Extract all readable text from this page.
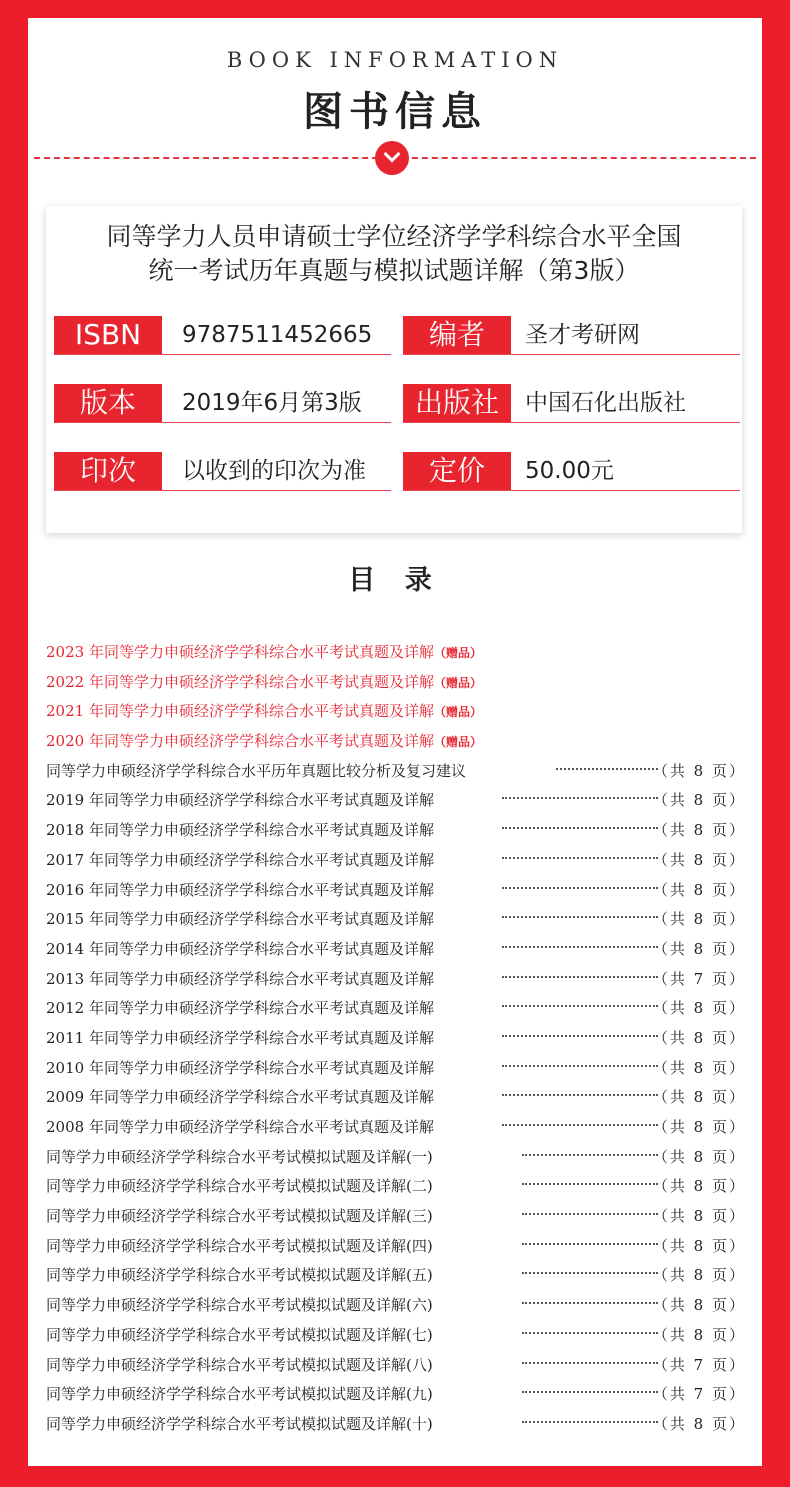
BOOK INFORMATION
图书信息
同等学力人员申请硕士学位经济学学科综合水平全国
统一考试历年真题与模拟试题详解（第3版）
ISBN	9787511452665	编者	圣才考研网
版本	2019年6月第3版	出版社	中国石化出版社
印次	以收到的印次为准	定价	50.00元
目 录
2023 年同等学力申硕经济学学科综合水平考试真题及详解（赠品）
2022 年同等学力申硕经济学学科综合水平考试真题及详解（赠品）
2021 年同等学力申硕经济学学科综合水平考试真题及详解（赠品）
2020 年同等学力申硕经济学学科综合水平考试真题及详解（赠品）
同等学力申硕经济学学科综合水平历年真题比较分析及复习建议	（共 8 页）
2019 年同等学力申硕经济学学科综合水平考试真题及详解	（共 8 页）
2018 年同等学力申硕经济学学科综合水平考试真题及详解	（共 8 页）
2017 年同等学力申硕经济学学科综合水平考试真题及详解	（共 8 页）
2016 年同等学力申硕经济学学科综合水平考试真题及详解	（共 8 页）
2015 年同等学力申硕经济学学科综合水平考试真题及详解	（共 8 页）
2014 年同等学力申硕经济学学科综合水平考试真题及详解	（共 8 页）
2013 年同等学力申硕经济学学科综合水平考试真题及详解	（共 7 页）
2012 年同等学力申硕经济学学科综合水平考试真题及详解	（共 8 页）
2011 年同等学力申硕经济学学科综合水平考试真题及详解	（共 8 页）
2010 年同等学力申硕经济学学科综合水平考试真题及详解	（共 8 页）
2009 年同等学力申硕经济学学科综合水平考试真题及详解	（共 8 页）
2008 年同等学力申硕经济学学科综合水平考试真题及详解	（共 8 页）
同等学力申硕经济学学科综合水平考试模拟试题及详解(一)	（共 8 页）
同等学力申硕经济学学科综合水平考试模拟试题及详解(二)	（共 8 页）
同等学力申硕经济学学科综合水平考试模拟试题及详解(三)	（共 8 页）
同等学力申硕经济学学科综合水平考试模拟试题及详解(四)	（共 8 页）
同等学力申硕经济学学科综合水平考试模拟试题及详解(五)	（共 8 页）
同等学力申硕经济学学科综合水平考试模拟试题及详解(六)	（共 8 页）
同等学力申硕经济学学科综合水平考试模拟试题及详解(七)	（共 8 页）
同等学力申硕经济学学科综合水平考试模拟试题及详解(八)	（共 7 页）
同等学力申硕经济学学科综合水平考试模拟试题及详解(九)	（共 7 页）
同等学力申硕经济学学科综合水平考试模拟试题及详解(十)	（共 8 页）
